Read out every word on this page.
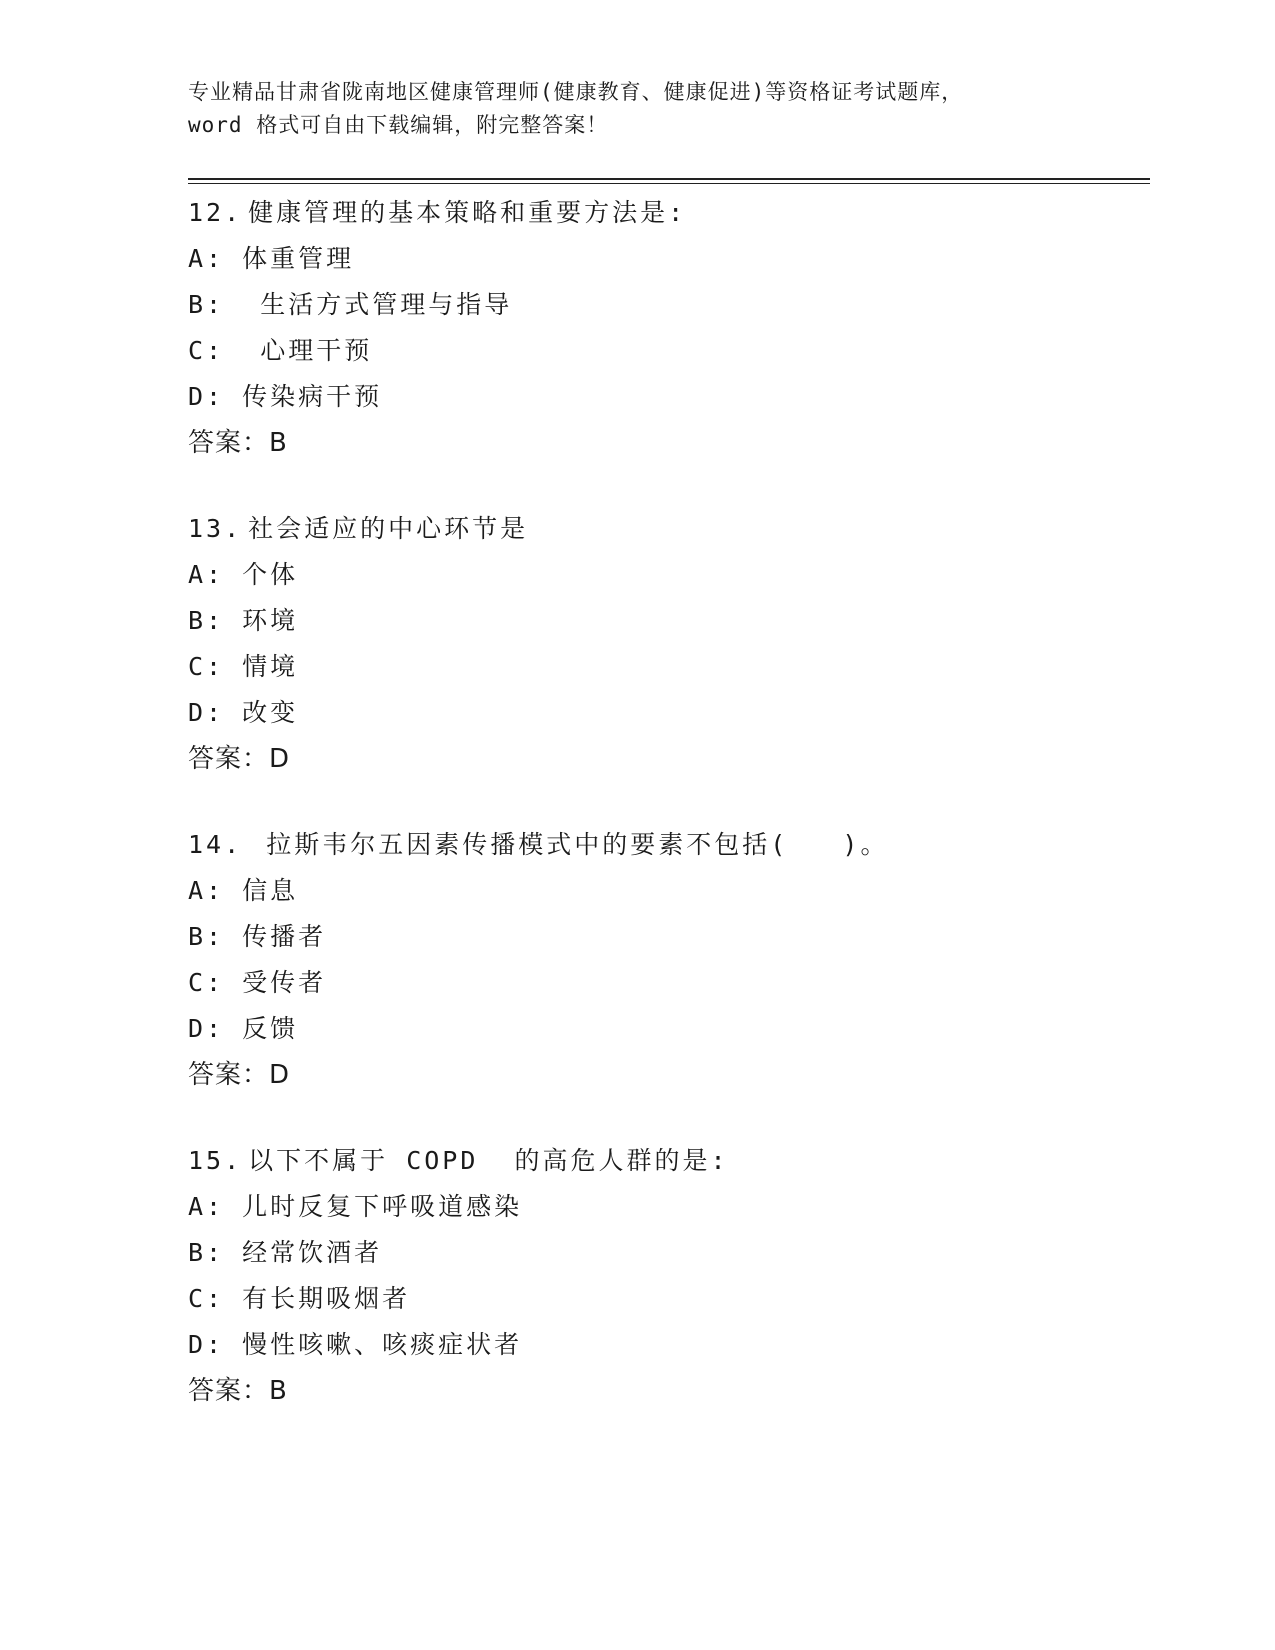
专业精品甘肃省陇南地区健康管理师(健康教育、健康促进)等资格证考试题库，
word 格式可自由下载编辑，附完整答案！
12. 健康管理的基本策略和重要方法是:
A: 体重管理
B:  生活方式管理与指导
C:  心理干预
D: 传染病干预
答案：B
13. 社会适应的中心环节是
A: 个体
B: 环境
C: 情境
D: 改变
答案：D
14. 拉斯韦尔五因素传播模式中的要素不包括(   )。
A: 信息
B: 传播者
C: 受传者
D: 反馈
答案：D
15. 以下不属于 COPD  的高危人群的是:
A: 儿时反复下呼吸道感染
B: 经常饮酒者
C: 有长期吸烟者
D: 慢性咳嗽、咳痰症状者
答案：B
